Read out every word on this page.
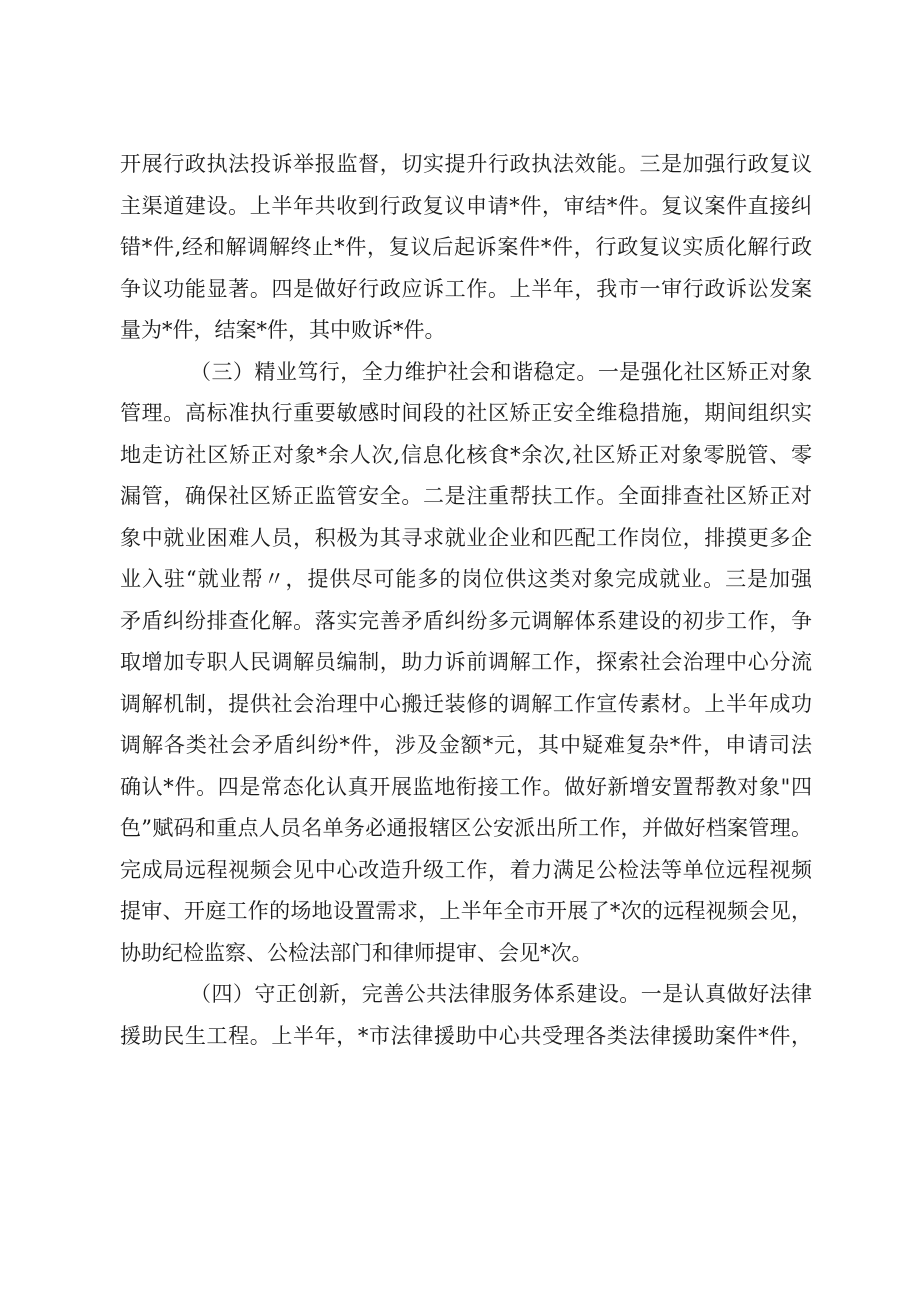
开展行政执法投诉举报监督，切实提升行政执法效能。三是加强行政复议
主渠道建设。上半年共收到行政复议申请*件，审结*件。复议案件直接纠
错*件,经和解调解终止*件，复议后起诉案件*件，行政复议实质化解行政
争议功能显著。四是做好行政应诉工作。上半年，我市一审行政诉讼发案
量为*件，结案*件，其中败诉*件。
（三）精业笃行，全力维护社会和谐稳定。一是强化社区矫正对象
管理。高标准执行重要敏感时间段的社区矫正安全维稳措施，期间组织实
地走访社区矫正对象*余人次,信息化核食*余次,社区矫正对象零脱管、零
漏管，确保社区矫正监管安全。二是注重帮扶工作。全面排查社区矫正对
象中就业困难人员，积极为其寻求就业企业和匹配工作岗位，排摸更多企
业入驻“就业帮〃，提供尽可能多的岗位供这类对象完成就业。三是加强
矛盾纠纷排查化解。落实完善矛盾纠纷多元调解体系建设的初步工作，争
取增加专职人民调解员编制，助力诉前调解工作，探索社会治理中心分流
调解机制，提供社会治理中心搬迁装修的调解工作宣传素材。上半年成功
调解各类社会矛盾纠纷*件，涉及金额*元，其中疑难复杂*件，申请司法
确认*件。四是常态化认真开展监地衔接工作。做好新增安置帮教对象"四
色”赋码和重点人员名单务必通报辖区公安派出所工作，并做好档案管理。
完成局远程视频会见中心改造升级工作，着力满足公检法等单位远程视频
提审、开庭工作的场地设置需求，上半年全市开展了*次的远程视频会见，
协助纪检监察、公检法部门和律师提审、会见*次。
（四）守正创新，完善公共法律服务体系建设。一是认真做好法律
援助民生工程。上半年，*市法律援助中心共受理各类法律援助案件*件，
